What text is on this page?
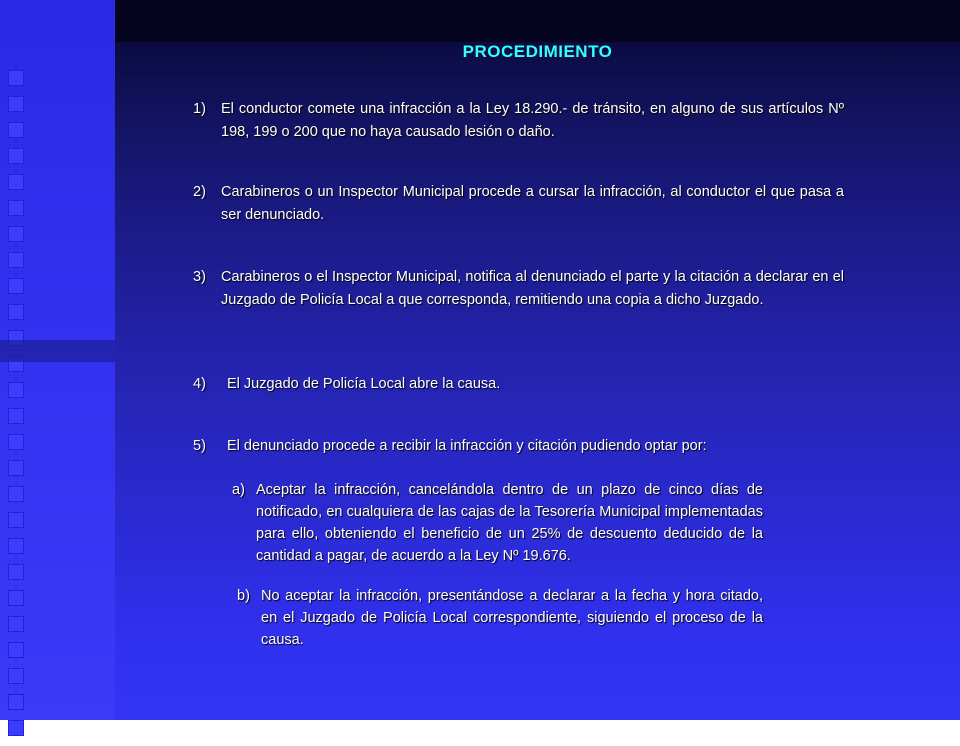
PROCEDIMIENTO
1)	El conductor comete una infracción a la Ley 18.290.- de tránsito, en alguno de sus artículos Nº 198, 199 o 200 que no haya causado lesión o daño.
2)	Carabineros o un Inspector Municipal procede a cursar la infracción, al conductor el que pasa a ser denunciado.
3)	Carabineros o el Inspector Municipal, notifica al denunciado el parte y la citación a declarar en el Juzgado de Policía Local a que corresponda, remitiendo una copia a dicho Juzgado.
4)	El Juzgado de Policía Local abre la causa.
5)	El denunciado procede a recibir la infracción y citación pudiendo optar por:
a) Aceptar la infracción, cancelándola dentro de un plazo de cinco días de notificado, en cualquiera de las cajas de la Tesorería Municipal implementadas para ello, obteniendo el beneficio de un 25% de descuento deducido de la cantidad a pagar, de acuerdo a la Ley Nº 19.676.
b) No aceptar la infracción, presentándose a declarar a la fecha y hora citado, en el Juzgado de Policía Local correspondiente, siguiendo el proceso de la causa.
